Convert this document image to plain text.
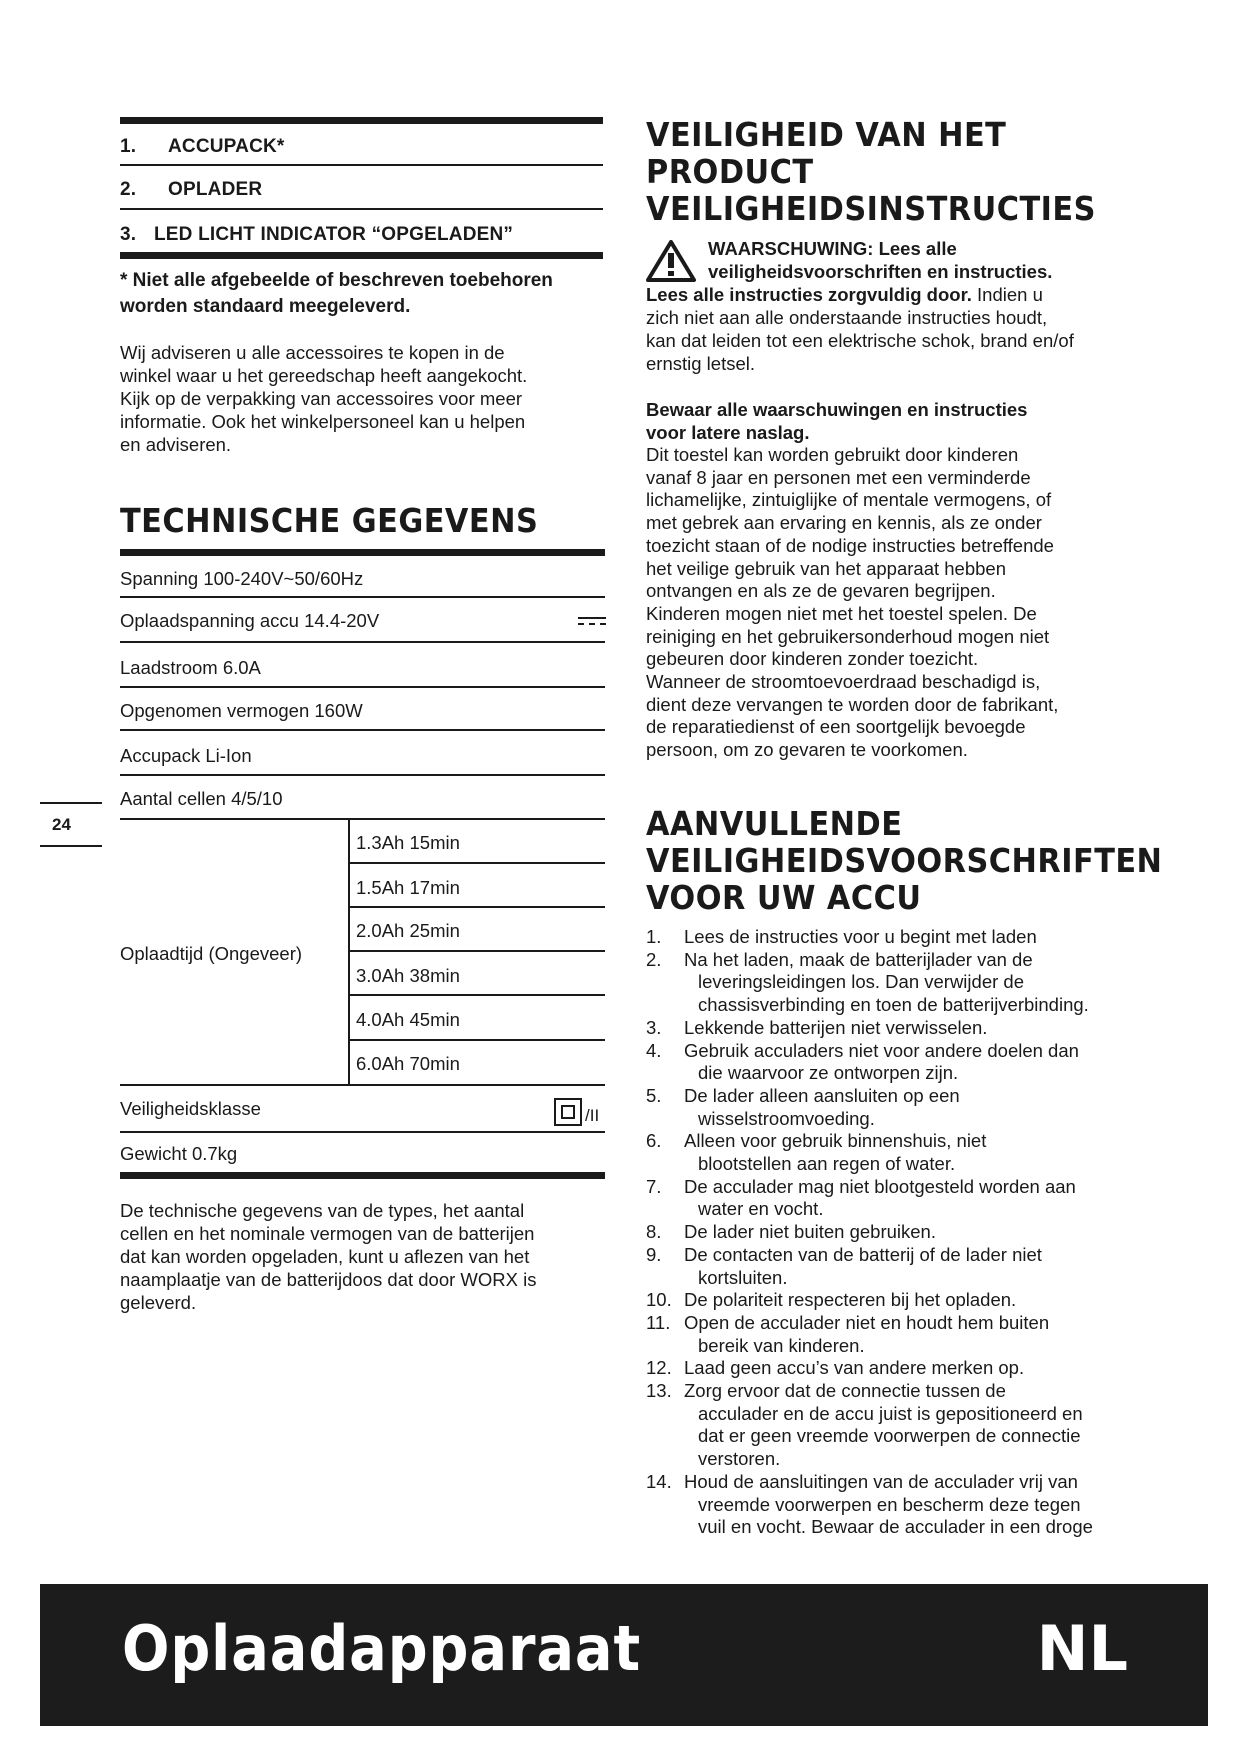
1. ACCUPACK*
2. OPLADER
3. LED LICHT INDICATOR “OPGELADEN”
* Niet alle afgebeelde of beschreven toebehoren worden standaard meegeleverd.
Wij adviseren u alle accessoires te kopen in de
winkel waar u het gereedschap heeft aangekocht.
Kijk op de verpakking van accessoires voor meer
informatie. Ook het winkelpersoneel kan u helpen
en adviseren.
TECHNISCHE GEGEVENS
Spanning 100-240V~50/60Hz
Oplaadspanning accu 14.4-20V
Laadstroom 6.0A
Opgenomen vermogen 160W
Accupack Li-Ion
Aantal cellen 4/5/10
Oplaadtijd (Ongeveer)
1.3Ah 15min
1.5Ah 17min
2.0Ah 25min
3.0Ah 38min
4.0Ah 45min
6.0Ah 70min
Veiligheidsklasse	/II
Gewicht 0.7kg
De technische gegevens van de types, het aantal
cellen en het nominale vermogen van de batterijen
dat kan worden opgeladen, kunt u aflezen van het
naamplaatje van de batterijdoos dat door WORX is
geleverd.
24
VEILIGHEID VAN HET
PRODUCT
VEILIGHEIDSINSTRUCTIES
WAARSCHUWING: Lees alle
veiligheidsvoorschriften en instructies.
Lees alle instructies zorgvuldig door. Indien u
zich niet aan alle onderstaande instructies houdt,
kan dat leiden tot een elektrische schok, brand en/of
ernstig letsel.
Bewaar alle waarschuwingen en instructies
voor latere naslag.
Dit toestel kan worden gebruikt door kinderen
vanaf 8 jaar en personen met een verminderde
lichamelijke, zintuiglijke of mentale vermogens, of
met gebrek aan ervaring en kennis, als ze onder
toezicht staan of de nodige instructies betreffende
het veilige gebruik van het apparaat hebben
ontvangen en als ze de gevaren begrijpen.
Kinderen mogen niet met het toestel spelen. De
reiniging en het gebruikersonderhoud mogen niet
gebeuren door kinderen zonder toezicht.
Wanneer de stroomtoevoerdraad beschadigd is,
dient deze vervangen te worden door de fabrikant,
de reparatiedienst of een soortgelijk bevoegde
persoon, om zo gevaren te voorkomen.
AANVULLENDE
VEILIGHEIDSVOORSCHRIFTEN
VOOR UW ACCU
1. Lees de instructies voor u begint met laden
2. Na het laden, maak de batterijlader van de
leveringsleidingen los. Dan verwijder de
chassisverbinding en toen de batterijverbinding.
3. Lekkende batterijen niet verwisselen.
4. Gebruik acculaders niet voor andere doelen dan
die waarvoor ze ontworpen zijn.
5. De lader alleen aansluiten op een
wisselstroomvoeding.
6. Alleen voor gebruik binnenshuis, niet
blootstellen aan regen of water.
7. De acculader mag niet blootgesteld worden aan
water en vocht.
8. De lader niet buiten gebruiken.
9. De contacten van de batterij of de lader niet
kortsluiten.
10. De polariteit respecteren bij het opladen.
11. Open de acculader niet en houdt hem buiten
bereik van kinderen.
12. Laad geen accu’s van andere merken op.
13. Zorg ervoor dat de connectie tussen de
acculader en de accu juist is gepositioneerd en
dat er geen vreemde voorwerpen de connectie
verstoren.
14. Houd de aansluitingen van de acculader vrij van
vreemde voorwerpen en bescherm deze tegen
vuil en vocht. Bewaar de acculader in een droge
Oplaadapparaat	NL
